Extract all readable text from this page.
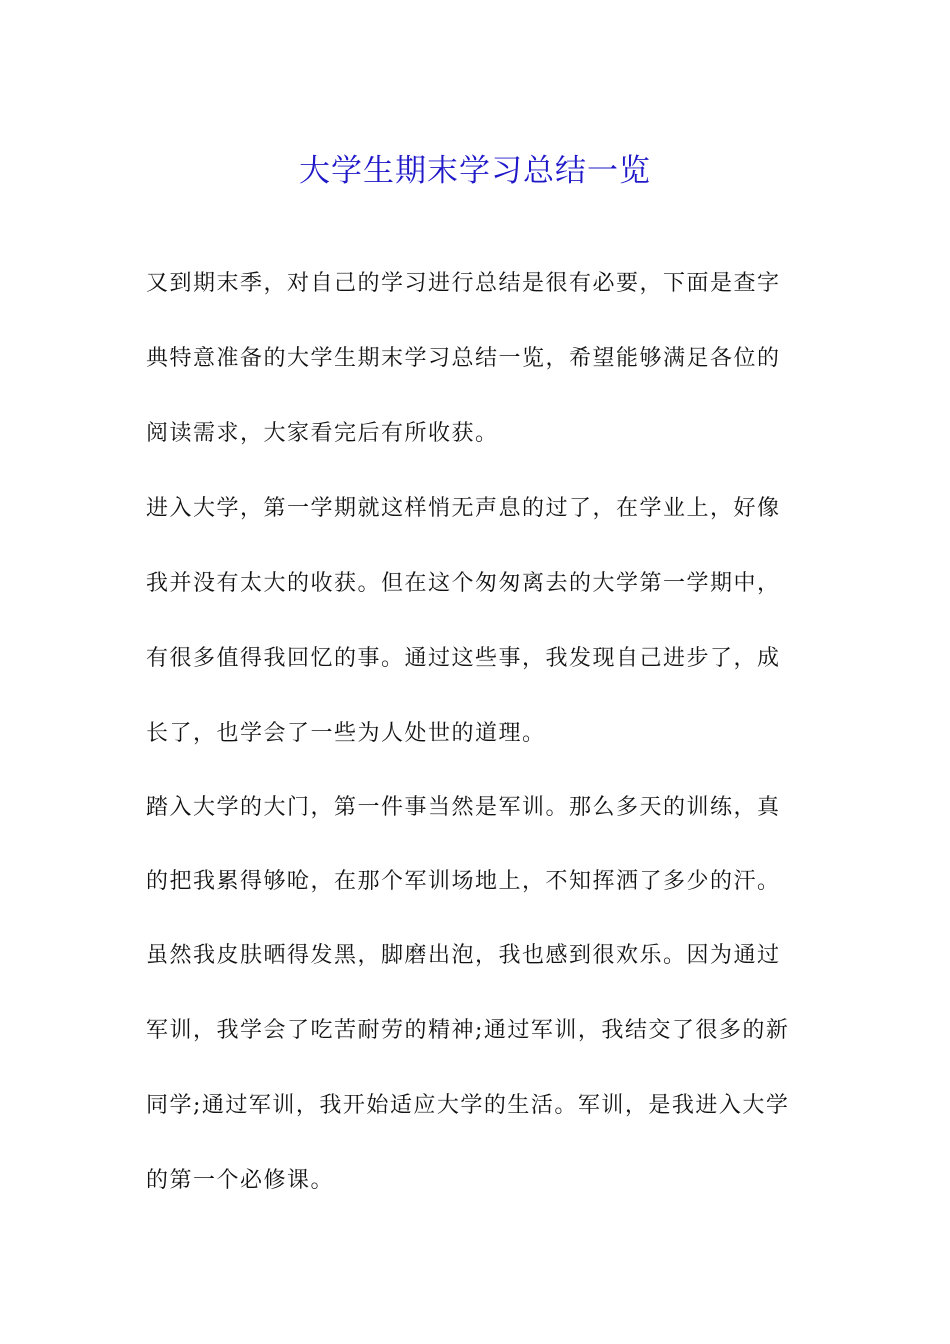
大学生期末学习总结一览
又到期末季，对自己的学习进行总结是很有必要，下面是查字
典特意准备的大学生期末学习总结一览，希望能够满足各位的
阅读需求，大家看完后有所收获。
进入大学，第一学期就这样悄无声息的过了，在学业上，好像
我并没有太大的收获。但在这个匆匆离去的大学第一学期中，
有很多值得我回忆的事。通过这些事，我发现自己进步了，成
长了，也学会了一些为人处世的道理。
踏入大学的大门，第一件事当然是军训。那么多天的训练，真
的把我累得够呛，在那个军训场地上，不知挥洒了多少的汗。
虽然我皮肤晒得发黑，脚磨出泡，我也感到很欢乐。因为通过
军训，我学会了吃苦耐劳的精神;通过军训，我结交了很多的新
同学;通过军训，我开始适应大学的生活。军训，是我进入大学
的第一个必修课。
